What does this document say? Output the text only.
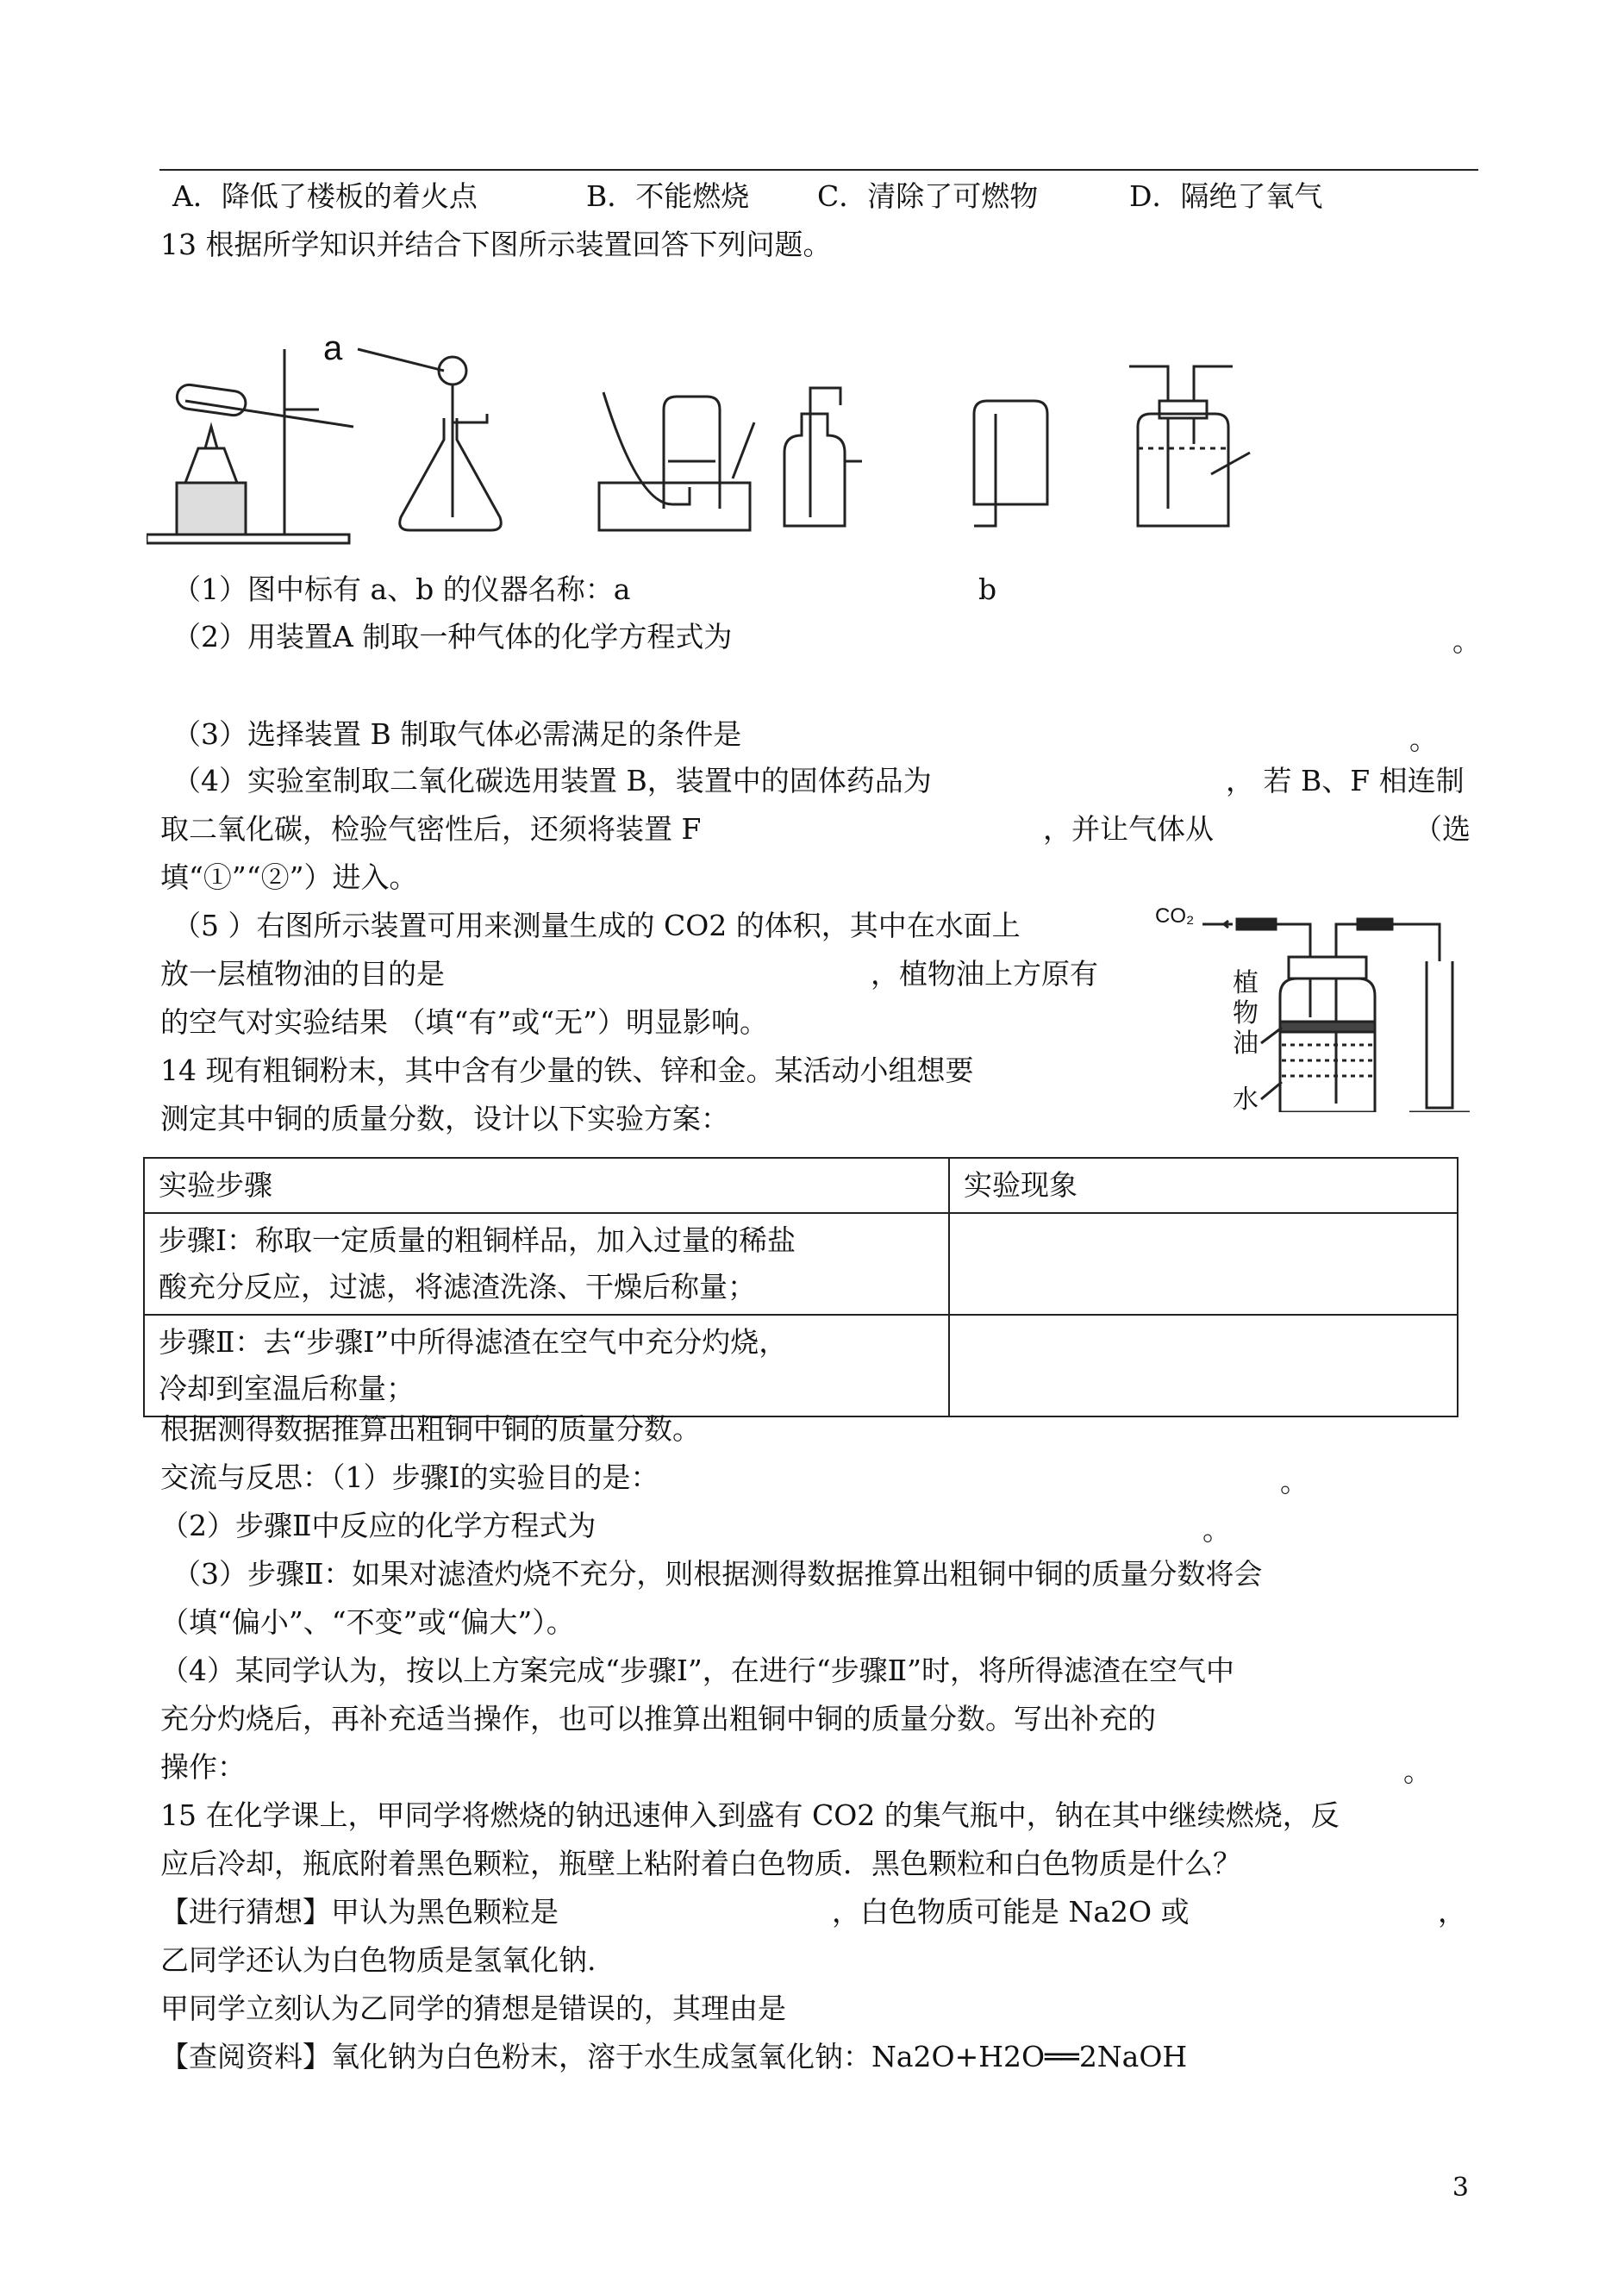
A．降低了楼板的着火点	B．不能燃烧 C．清除了可燃物	D．隔绝了氧气
13 根据所学知识并结合下图所示装置回答下列问题。
a
（1）图中标有 a、b 的仪器名称：a	b
（2）用装置A 制取一种气体的化学方程式为	。
（3）选择装置 B 制取气体必需满足的条件是	。
（4）实验室制取二氧化碳选用装置 B，装置中的固体药品为	， 若 B、F 相连制
取二氧化碳，检验气密性后，还须将装置 F	，并让气体从	（选
填“①”“②”）进入。
（5 ）右图所示装置可用来测量生成的 CO2 的体积，其中在水面上
放一层植物油的目的是	，植物油上方原有
的空气对实验结果 （填“有”或“无”）明显影响。
CO₂
植
物
油
水
14 现有粗铜粉末，其中含有少量的铁、锌和金。某活动小组想要
测定其中铜的质量分数，设计以下实验方案：
实验步骤	实验现象

步骤Ⅰ：称取一定质量的粗铜样品，加入过量的稀盐
酸充分反应，过滤，将滤渣洗涤、干燥后称量；	

步骤Ⅱ：去“步骤Ⅰ”中所得滤渣在空气中充分灼烧，
冷却到室温后称量；	

根据测得数据推算出粗铜中铜的质量分数。
交流与反思：（1）步骤Ⅰ的实验目的是：	。
（2）步骤Ⅱ中反应的化学方程式为	。
（3）步骤Ⅱ：如果对滤渣灼烧不充分，则根据测得数据推算出粗铜中铜的质量分数将会
（填“偏小”、“不变”或“偏大”）。
（4）某同学认为，按以上方案完成“步骤Ⅰ”，在进行“步骤Ⅱ”时，将所得滤渣在空气中
充分灼烧后，再补充适当操作，也可以推算出粗铜中铜的质量分数。写出补充的
操作：	。
15 在化学课上，甲同学将燃烧的钠迅速伸入到盛有 CO2 的集气瓶中，钠在其中继续燃烧，反
应后冷却，瓶底附着黑色颗粒，瓶壁上粘附着白色物质．黑色颗粒和白色物质是什么？
【进行猜想】甲认为黑色颗粒是	，白色物质可能是 Na2O 或	，
乙同学还认为白色物质是氢氧化钠.
甲同学立刻认为乙同学的猜想是错误的，其理由是
【查阅资料】氧化钠为白色粉末，溶于水生成氢氧化钠：Na2O+H2O══2NaOH
3
